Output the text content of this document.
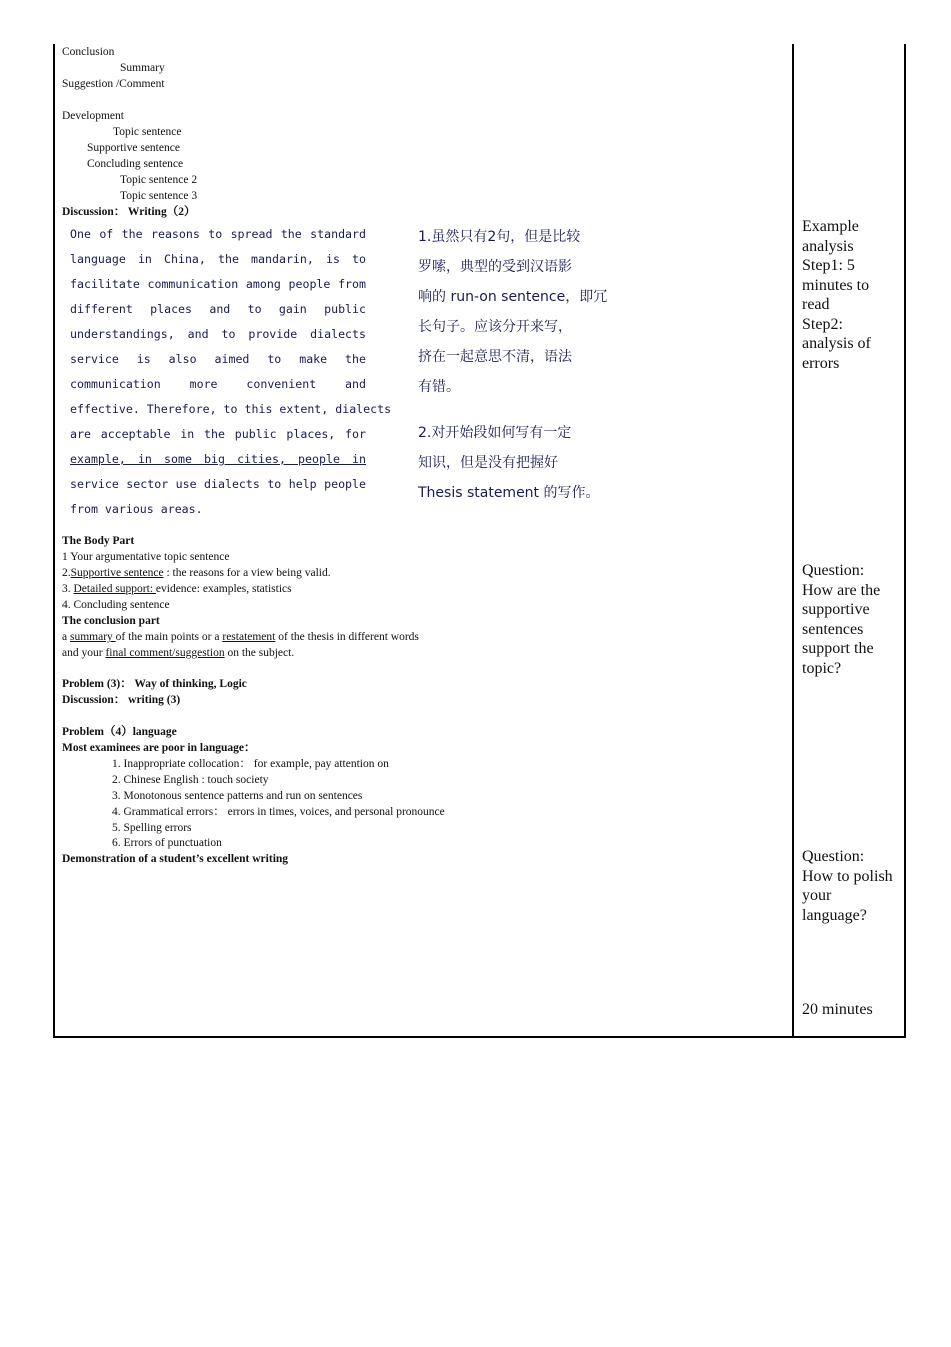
Conclusion
Summary
Suggestion /Comment
Development
Topic sentence
Supportive sentence
Concluding sentence
Topic sentence 2
Topic sentence 3
Discussion： Writing（2）
One of the reasons to spread the standard
language in China, the mandarin, is to
facilitate communication among people from
different places and to gain public
understandings, and to provide dialects
service is also aimed to make the
communication more convenient and
effective. Therefore, to this extent, dialects
are acceptable in the public places, for
example, in some big cities, people in
service sector use dialects to help people
from various areas.
1.虽然只有2句，但是比较
罗嗦，典型的受到汉语影
响的 run-on sentence，即冗
长句子。应该分开来写，
挤在一起意思不清，语法
有错。
2.对开始段如何写有一定
知识，但是没有把握好
Thesis statement 的写作。
The Body Part
1 Your argumentative topic sentence
2.Supportive sentence : the reasons for a view being valid.
3. Detailed support: evidence: examples, statistics
4. Concluding sentence
The conclusion part
a summary of the main points or a restatement of the thesis in different words
and your final comment/suggestion on the subject.
Problem (3)： Way of thinking, Logic
Discussion： writing (3)
Problem（4）language
Most examinees are poor in language：
1. Inappropriate collocation： for example, pay attention on
2. Chinese English : touch society
3. Monotonous sentence patterns and run on sentences
4. Grammatical errors： errors in times, voices, and personal pronounce
5. Spelling errors
6. Errors of punctuation
Demonstration of a student’s excellent writing
Example
analysis
Step1: 5
minutes to
read
Step2:
analysis of
errors
Question:
How are the
supportive
sentences
support the
topic?
Question:
How to polish
your
language?
20 minutes
